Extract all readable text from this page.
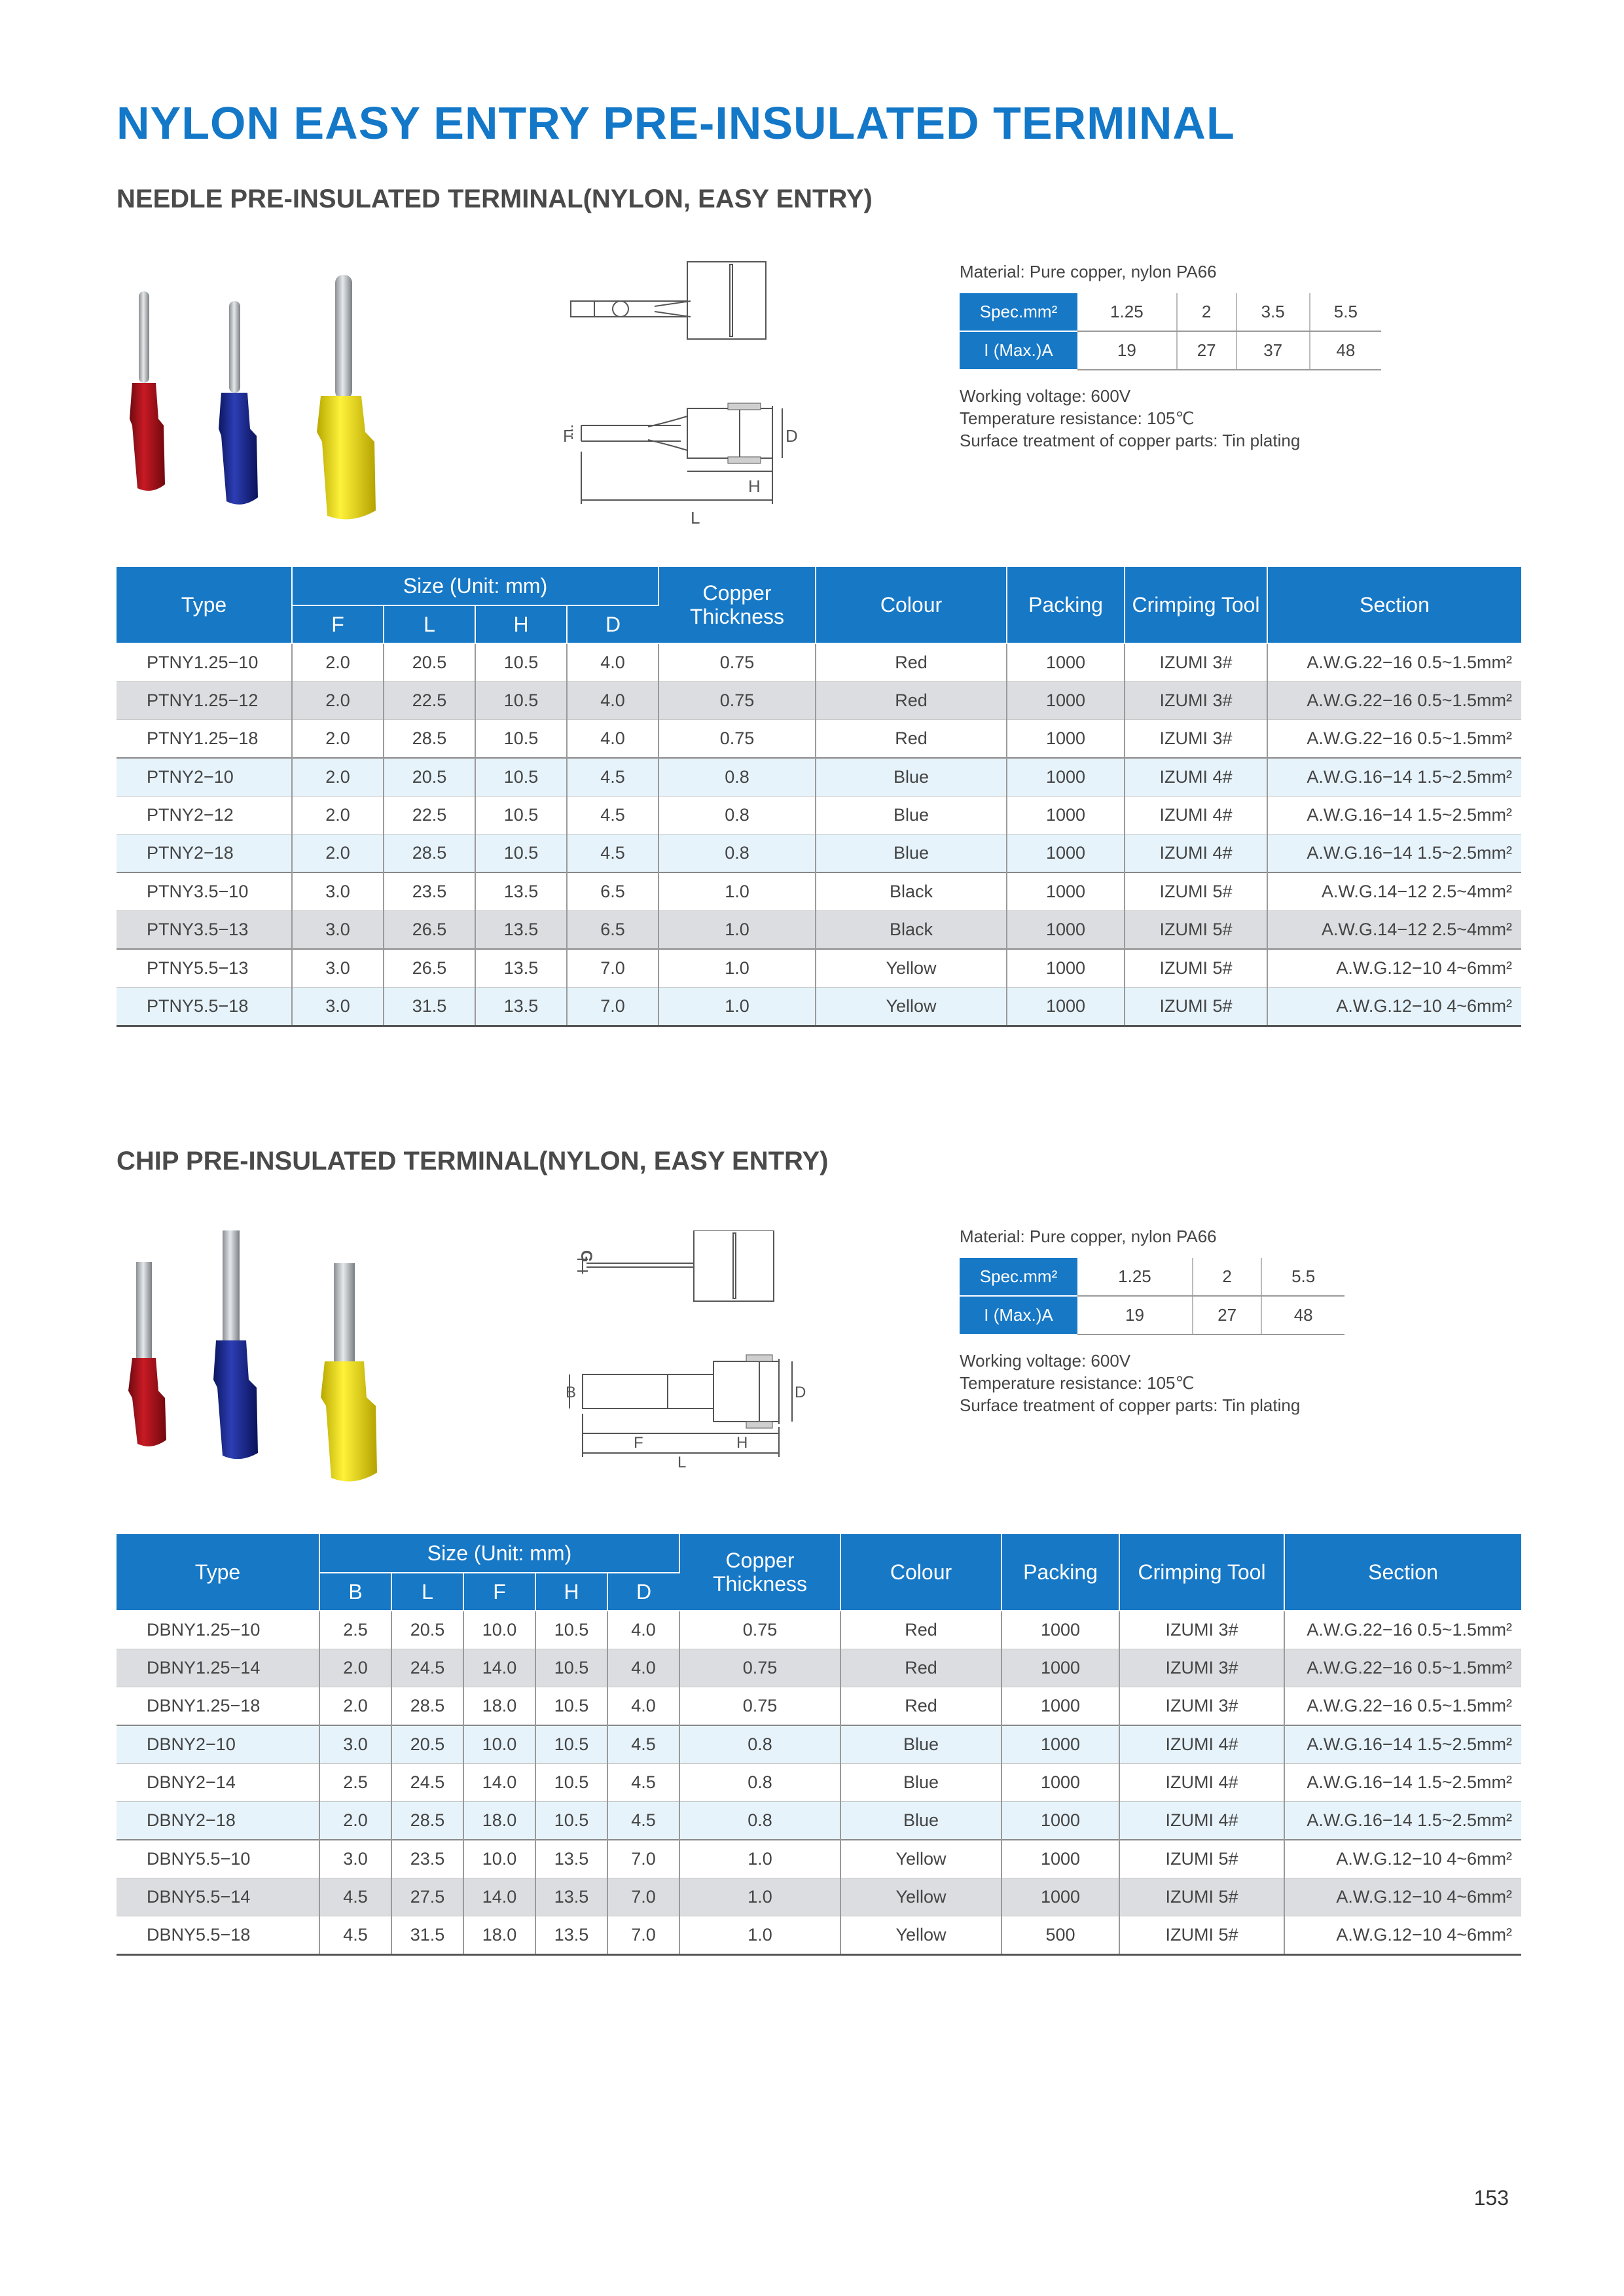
NYLON EASY ENTRY PRE-INSULATED TERMINAL
NEEDLE PRE-INSULATED TERMINAL(NYLON, EASY ENTRY)
F	D
H
L
Material: Pure copper, nylon PA66
Spec.mm²	1.25	2	3.5	5.5
I (Max.)A	19	27	37	48
Working voltage: 600V
Temperature resistance: 105℃
Surface treatment of copper parts: Tin plating
Type	Size (Unit: mm)				Copper Thickness	Colour	Packing	Crimping Tool	Section
	F	L	H	D					
PTNY1.25−10	2.0	20.5	10.5	4.0	0.75	Red	1000	IZUMI 3#	A.W.G.22−16 0.5~1.5mm²
PTNY1.25−12	2.0	22.5	10.5	4.0	0.75	Red	1000	IZUMI 3#	A.W.G.22−16 0.5~1.5mm²
PTNY1.25−18	2.0	28.5	10.5	4.0	0.75	Red	1000	IZUMI 3#	A.W.G.22−16 0.5~1.5mm²
PTNY2−10	2.0	20.5	10.5	4.5	0.8	Blue	1000	IZUMI 4#	A.W.G.16−14 1.5~2.5mm²
PTNY2−12	2.0	22.5	10.5	4.5	0.8	Blue	1000	IZUMI 4#	A.W.G.16−14 1.5~2.5mm²
PTNY2−18	2.0	28.5	10.5	4.5	0.8	Blue	1000	IZUMI 4#	A.W.G.16−14 1.5~2.5mm²
PTNY3.5−10	3.0	23.5	13.5	6.5	1.0	Black	1000	IZUMI 5#	A.W.G.14−12 2.5~4mm²
PTNY3.5−13	3.0	26.5	13.5	6.5	1.0	Black	1000	IZUMI 5#	A.W.G.14−12 2.5~4mm²
PTNY5.5−13	3.0	26.5	13.5	7.0	1.0	Yellow	1000	IZUMI 5#	A.W.G.12−10 4~6mm²
PTNY5.5−18	3.0	31.5	13.5	7.0	1.0	Yellow	1000	IZUMI 5#	A.W.G.12−10 4~6mm²
CHIP PRE-INSULATED TERMINAL(NYLON, EASY ENTRY)
G
B	D
F	H
L
Material: Pure copper, nylon PA66
Spec.mm²	1.25	2	5.5
I (Max.)A	19	27	48
Working voltage: 600V
Temperature resistance: 105℃
Surface treatment of copper parts: Tin plating
Type	Size (Unit: mm)					Copper Thickness	Colour	Packing	Crimping Tool	Section
	B	L	F	H	D					
DBNY1.25−10	2.5	20.5	10.0	10.5	4.0	0.75	Red	1000	IZUMI 3#	A.W.G.22−16 0.5~1.5mm²
DBNY1.25−14	2.0	24.5	14.0	10.5	4.0	0.75	Red	1000	IZUMI 3#	A.W.G.22−16 0.5~1.5mm²
DBNY1.25−18	2.0	28.5	18.0	10.5	4.0	0.75	Red	1000	IZUMI 3#	A.W.G.22−16 0.5~1.5mm²
DBNY2−10	3.0	20.5	10.0	10.5	4.5	0.8	Blue	1000	IZUMI 4#	A.W.G.16−14 1.5~2.5mm²
DBNY2−14	2.5	24.5	14.0	10.5	4.5	0.8	Blue	1000	IZUMI 4#	A.W.G.16−14 1.5~2.5mm²
DBNY2−18	2.0	28.5	18.0	10.5	4.5	0.8	Blue	1000	IZUMI 4#	A.W.G.16−14 1.5~2.5mm²
DBNY5.5−10	3.0	23.5	10.0	13.5	7.0	1.0	Yellow	1000	IZUMI 5#	A.W.G.12−10 4~6mm²
DBNY5.5−14	4.5	27.5	14.0	13.5	7.0	1.0	Yellow	1000	IZUMI 5#	A.W.G.12−10 4~6mm²
DBNY5.5−18	4.5	31.5	18.0	13.5	7.0	1.0	Yellow	500	IZUMI 5#	A.W.G.12−10 4~6mm²
153
